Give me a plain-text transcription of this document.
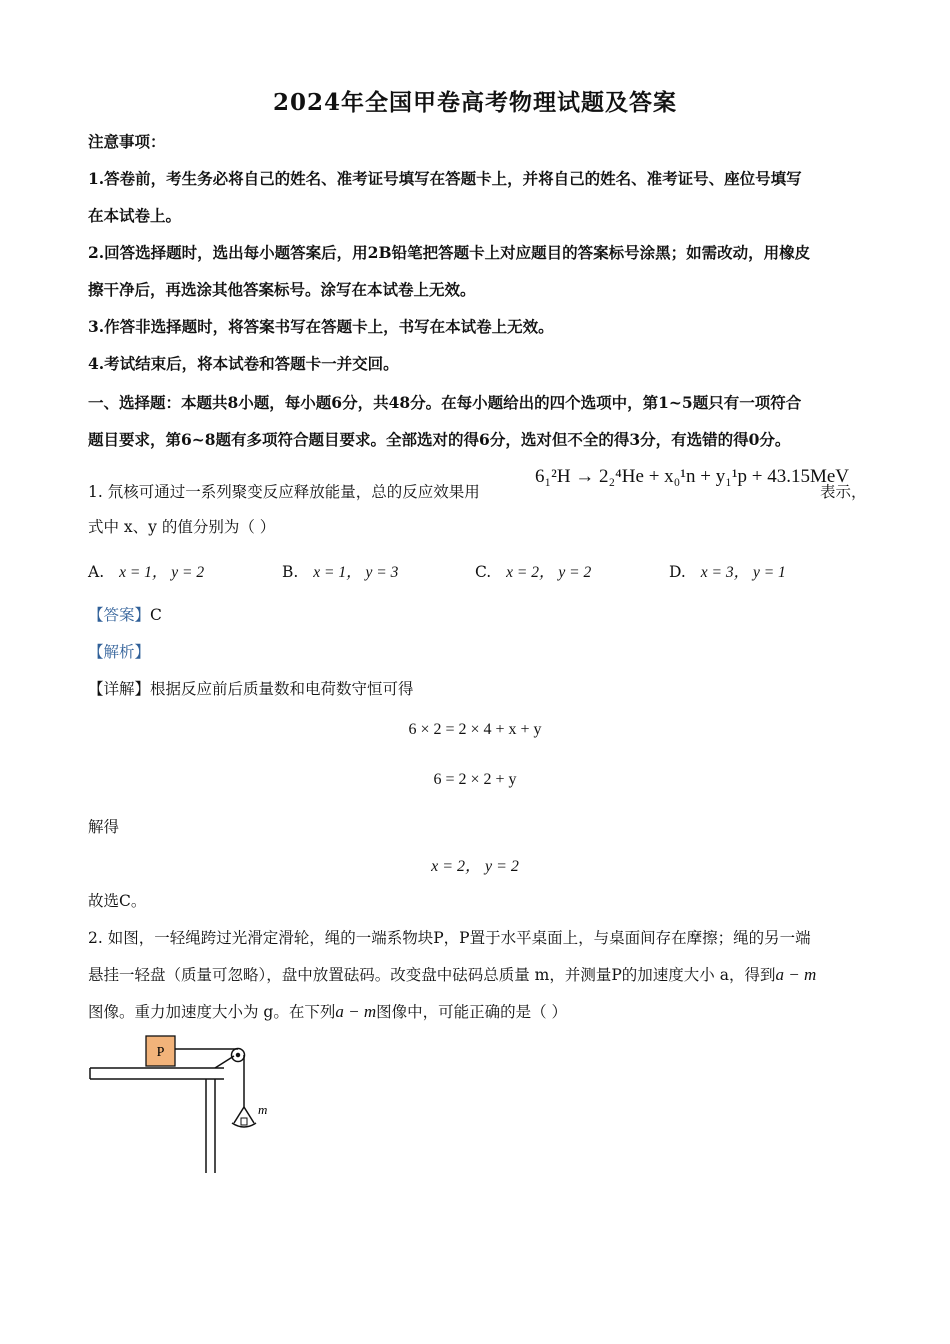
2024年全国甲卷高考物理试题及答案
注意事项：
1.答卷前，考生务必将自己的姓名、准考证号填写在答题卡上，并将自己的姓名、准考证号、座位号填写
在本试卷上。
2.回答选择题时，选出每小题答案后，用2B铅笔把答题卡上对应题目的答案标号涂黑；如需改动，用橡皮
擦干净后，再选涂其他答案标号。涂写在本试卷上无效。
3.作答非选择题时，将答案书写在答题卡上，书写在本试卷上无效。
4.考试结束后，将本试卷和答题卡一并交回。
一、选择题：本题共8小题，每小题6分，共48分。在每小题给出的四个选项中，第1~5题只有一项符合
题目要求，第6~8题有多项符合题目要求。全部选对的得6分，选对但不全的得3分，有选错的得0分。
1. 氘核可通过一系列聚变反应释放能量，总的反应效果用
6₁²H → 2₂⁴He + x₀¹n + y₁¹p + 43.15MeV
表示，
式中 x、y 的值分别为（ ）
A. x = 1， y = 2	B. x = 1， y = 3	C. x = 2， y = 2	D. x = 3， y = 1
【答案】C
【解析】
【详解】根据反应前后质量数和电荷数守恒可得
6 × 2 = 2 × 4 + x + y
6 = 2 × 2 + y
解得
x = 2， y = 2
故选C。
2. 如图，一轻绳跨过光滑定滑轮，绳的一端系物块P，P置于水平桌面上，与桌面间存在摩擦；绳的另一端
悬挂一轻盘（质量可忽略），盘中放置砝码。改变盘中砝码总质量 m，并测量P的加速度大小 a，得到a − m
图像。重力加速度大小为 g。在下列a − m图像中，可能正确的是（ ）
P
m
